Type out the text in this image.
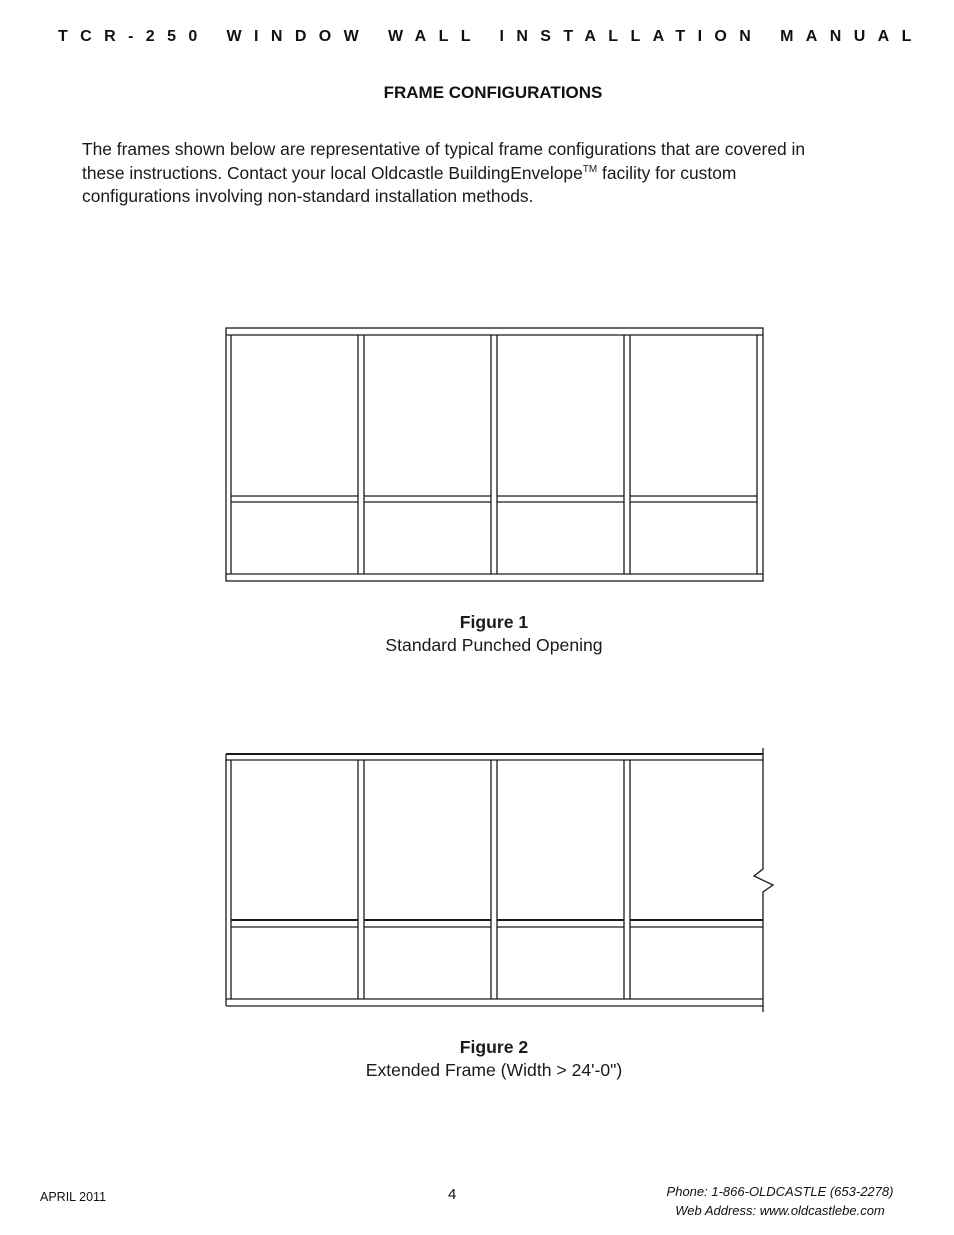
TCR-250 WINDOW WALL INSTALLATION MANUAL
FRAME CONFIGURATIONS
The frames shown below are representative of typical frame configurations that are covered in
these instructions. Contact your local Oldcastle BuildingEnvelope™ facility for custom
configurations involving non-standard installation methods.
Figure 1
Standard Punched Opening
Figure 2
Extended Frame (Width > 24'-0")
APRIL 2011	4	Phone: 1-866-OLDCASTLE (653-2278)
Web Address: www.oldcastlebe.com
